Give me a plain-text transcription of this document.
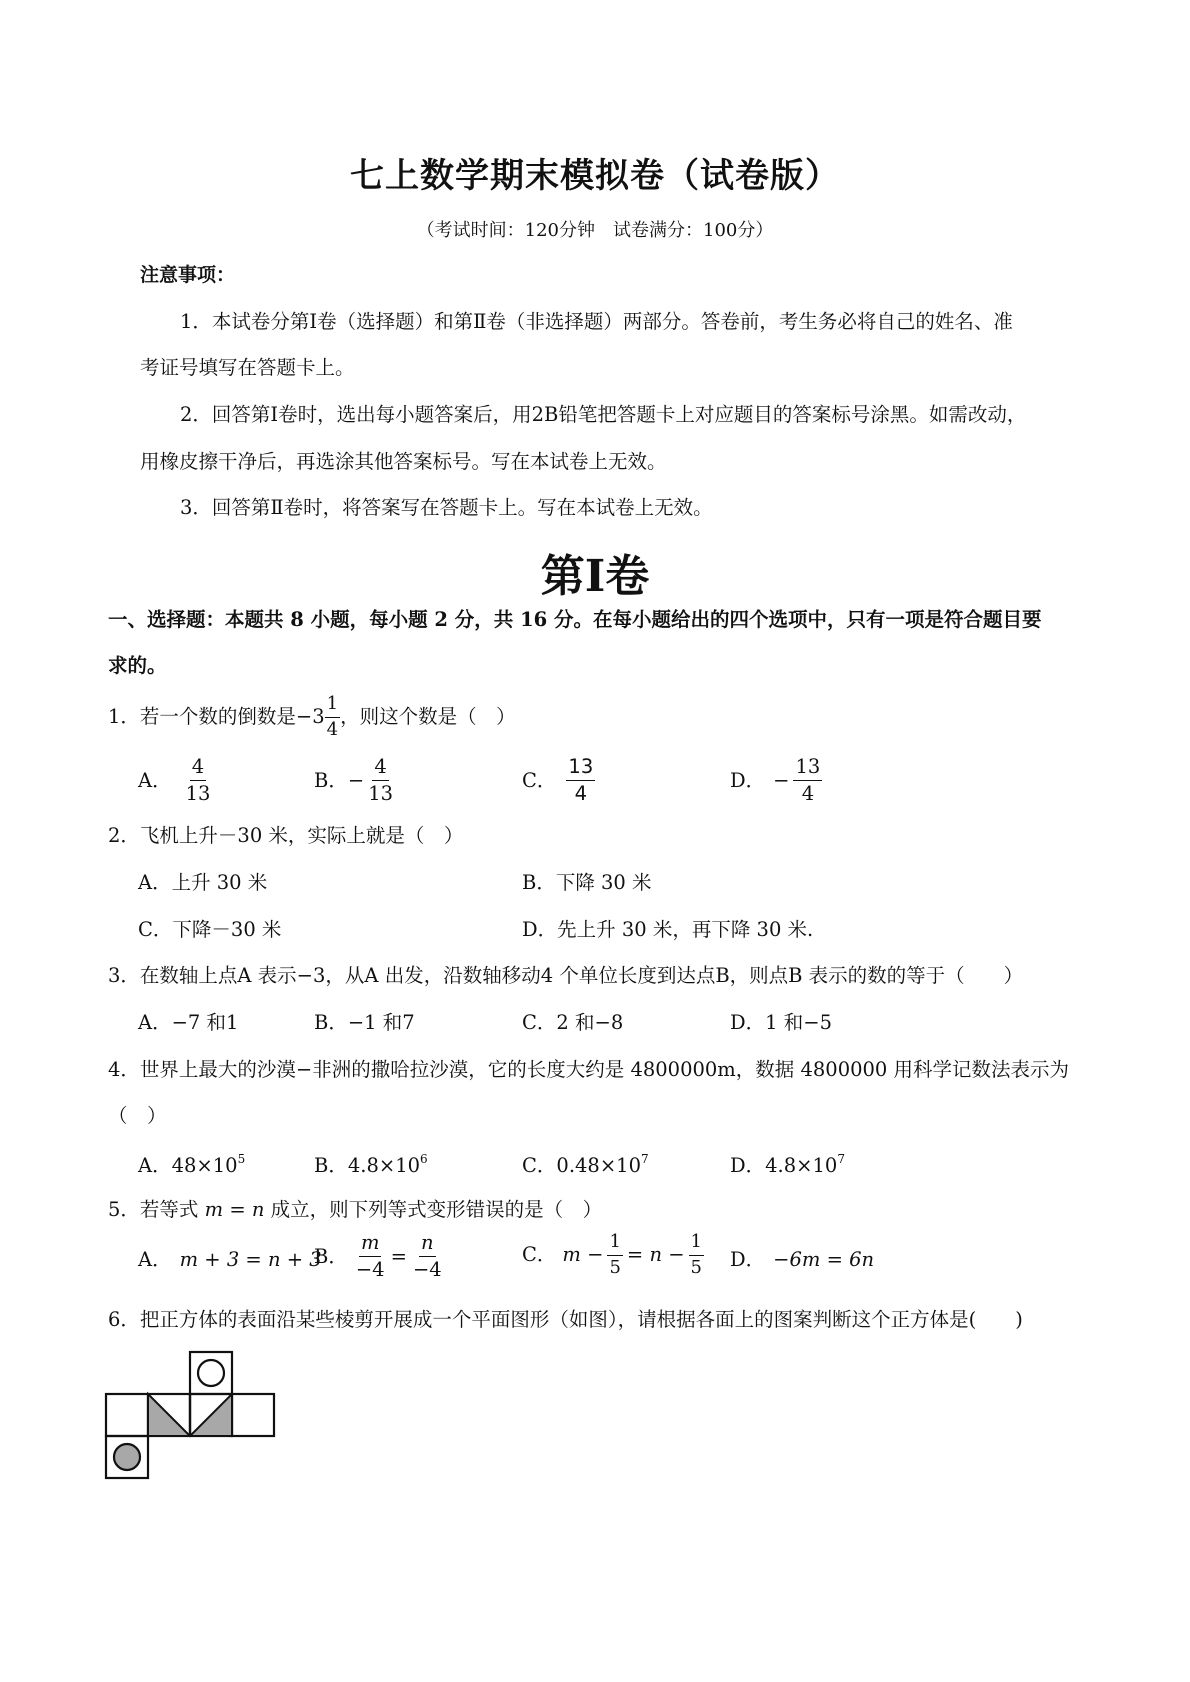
七上数学期末模拟卷（试卷版）
（考试时间：120分钟　试卷满分：100分）
注意事项：
1．本试卷分第Ⅰ卷（选择题）和第Ⅱ卷（非选择题）两部分。答卷前，考生务必将自己的姓名、准
考证号填写在答题卡上。
2．回答第Ⅰ卷时，选出每小题答案后，用2B铅笔把答题卡上对应题目的答案标号涂黑。如需改动，
用橡皮擦干净后，再选涂其他答案标号。写在本试卷上无效。
3．回答第Ⅱ卷时，将答案写在答题卡上。写在本试卷上无效。
第Ⅰ卷
一、选择题：本题共 8 小题，每小题 2 分，共 16 分。在每小题给出的四个选项中，只有一项是符合题目要
求的。
1．若一个数的倒数是$-3 \frac{1}{4}$ ，则这个数是（　）
A． $\frac{4}{13}$	B． − $\frac{4}{13}$	C． $\frac{13}{4}$	D． − $\frac{13}{4}$
2．飞机上升－30 米，实际上就是（　）
A．上升 30 米	B．下降 30 米
C．下降－30 米	D．先上升 30 米，再下降 30 米.
3．在数轴上点A 表示−3，从A 出发，沿数轴移动4 个单位长度到达点B，则点B 表示的数的等于（　　）
A．−7 和1	B．−1 和7	C．2 和−8	D．1 和−5
4．世界上最大的沙漠−非洲的撒哈拉沙漠，它的长度大约是 4800000m，数据 4800000 用科学记数法表示为
（　）
A．$48\times 10^5$	B．$4.8\times 10^6$	C．$0.48\times 10^7$	D．$4.8\times 10^7$
5．若等式 m = n 成立，则下列等式变形错误的是（　）
A． m + 3 = n + 3
B． $\frac{m}{-4} = \frac{n}{-4}$	C． $m - \frac{1}{5} = n - \frac{1}{5}$ D． −6m = 6n
6．把正方体的表面沿某些棱剪开展成一个平面图形（如图），请根据各面上的图案判断这个正方体是(　　)
